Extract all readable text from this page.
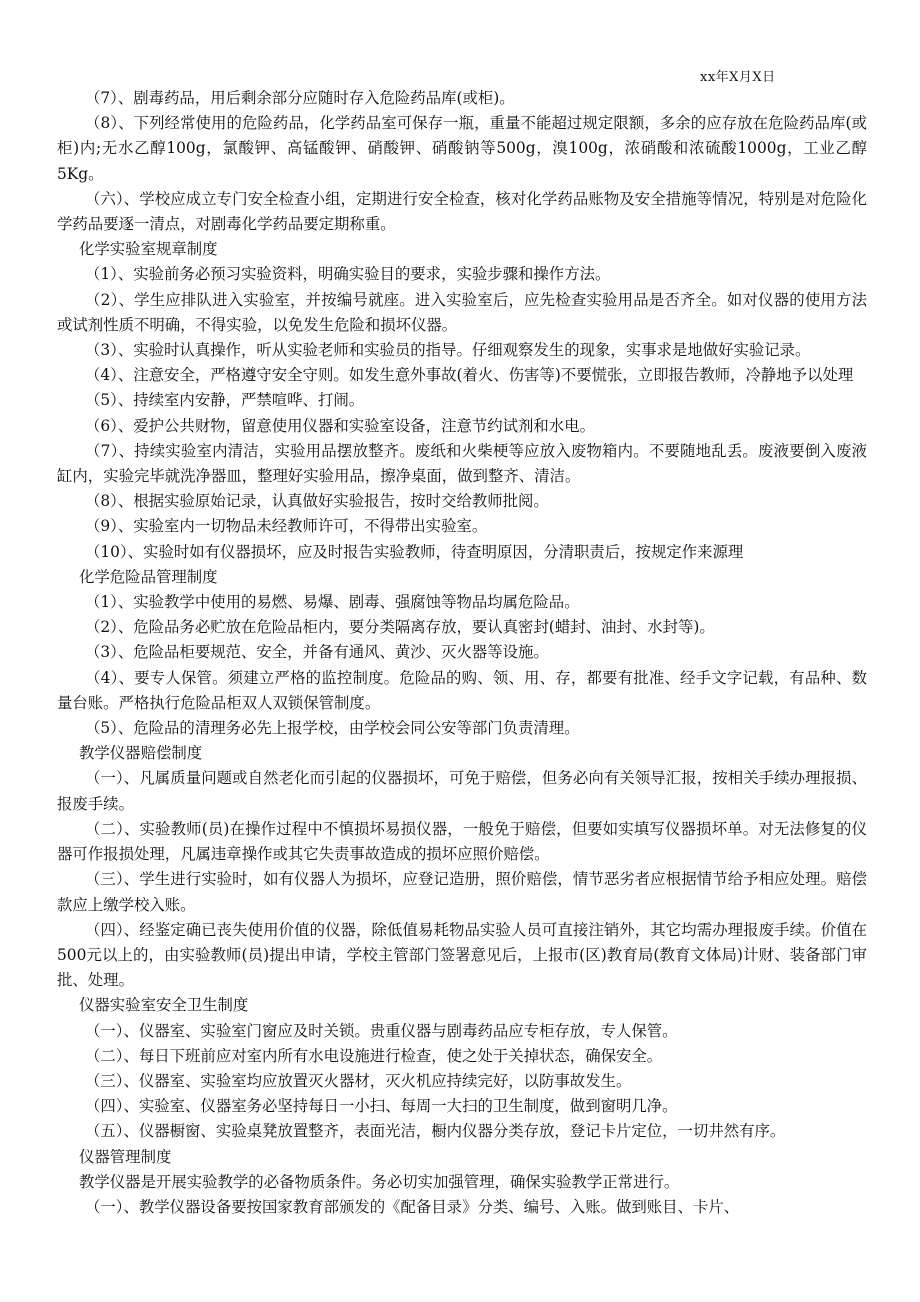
xx年X月X日

（7）、剧毒药品，用后剩余部分应随时存入危险药品库(或柜)。

（8）、下列经常使用的危险药品，化学药品室可保存一瓶，重量不能超过规定限额，多余的应存放在危险药品库(或柜)内;无水乙醇100g，氯酸钾、高锰酸钾、硝酸钾、硝酸钠等500g，溴100g，浓硝酸和浓硫酸1000g，工业乙醇5Kg。

（六）、学校应成立专门安全检查小组，定期进行安全检查，核对化学药品账物及安全措施等情况，特别是对危险化学药品要逐一清点，对剧毒化学药品要定期称重。

化学实验室规章制度

（1）、实验前务必预习实验资料，明确实验目的要求，实验步骤和操作方法。

（2）、学生应排队进入实验室，并按编号就座。进入实验室后，应先检查实验用品是否齐全。如对仪器的使用方法或试剂性质不明确，不得实验，以免发生危险和损坏仪器。

（3）、实验时认真操作，听从实验老师和实验员的指导。仔细观察发生的现象，实事求是地做好实验记录。

（4）、注意安全，严格遵守安全守则。如发生意外事故(着火、伤害等)不要慌张，立即报告教师，冷静地予以处理

（5）、持续室内安静，严禁喧哗、打闹。

（6）、爱护公共财物，留意使用仪器和实验室设备，注意节约试剂和水电。

（7）、持续实验室内清洁，实验用品摆放整齐。废纸和火柴梗等应放入废物箱内。不要随地乱丢。废液要倒入废液缸内，实验完毕就洗净器皿，整理好实验用品，擦净桌面，做到整齐、清洁。

（8）、根据实验原始记录，认真做好实验报告，按时交给教师批阅。

（9）、实验室内一切物品未经教师许可，不得带出实验室。

（10）、实验时如有仪器损坏，应及时报告实验教师，待查明原因，分清职责后，按规定作来源理

化学危险品管理制度

（1）、实验教学中使用的易燃、易爆、剧毒、强腐蚀等物品均属危险品。

（2）、危险品务必贮放在危险品柜内，要分类隔离存放，要认真密封(蜡封、油封、水封等)。

（3）、危险品柜要规范、安全，并备有通风、黄沙、灭火器等设施。

（4）、要专人保管。须建立严格的监控制度。危险品的购、领、用、存，都要有批准、经手文字记载，有品种、数量台账。严格执行危险品柜双人双锁保管制度。

（5）、危险品的清理务必先上报学校，由学校会同公安等部门负责清理。

教学仪器赔偿制度

（一）、凡属质量问题或自然老化而引起的仪器损坏，可免于赔偿，但务必向有关领导汇报，按相关手续办理报损、报废手续。

（二）、实验教师(员)在操作过程中不慎损坏易损仪器，一般免于赔偿，但要如实填写仪器损坏单。对无法修复的仪器可作报损处理，凡属违章操作或其它失责事故造成的损坏应照价赔偿。

（三）、学生进行实验时，如有仪器人为损坏，应登记造册，照价赔偿，情节恶劣者应根据情节给予相应处理。赔偿款应上缴学校入账。

（四）、经鉴定确已丧失使用价值的仪器，除低值易耗物品实验人员可直接注销外，其它均需办理报废手续。价值在500元以上的，由实验教师(员)提出申请，学校主管部门签署意见后，上报市(区)教育局(教育文体局)计财、装备部门审批、处理。

仪器实验室安全卫生制度

（一）、仪器室、实验室门窗应及时关锁。贵重仪器与剧毒药品应专柜存放，专人保管。

（二）、每日下班前应对室内所有水电设施进行检查，使之处于关掉状态，确保安全。

（三）、仪器室、实验室均应放置灭火器材，灭火机应持续完好，以防事故发生。

（四）、实验室、仪器室务必坚持每日一小扫、每周一大扫的卫生制度，做到窗明几净。

（五）、仪器橱窗、实验桌凳放置整齐，表面光洁，橱内仪器分类存放，登记卡片定位，一切井然有序。

仪器管理制度

教学仪器是开展实验教学的必备物质条件。务必切实加强管理，确保实验教学正常进行。

（一）、教学仪器设备要按国家教育部颁发的《配备目录》分类、编号、入账。做到账目、卡片、
